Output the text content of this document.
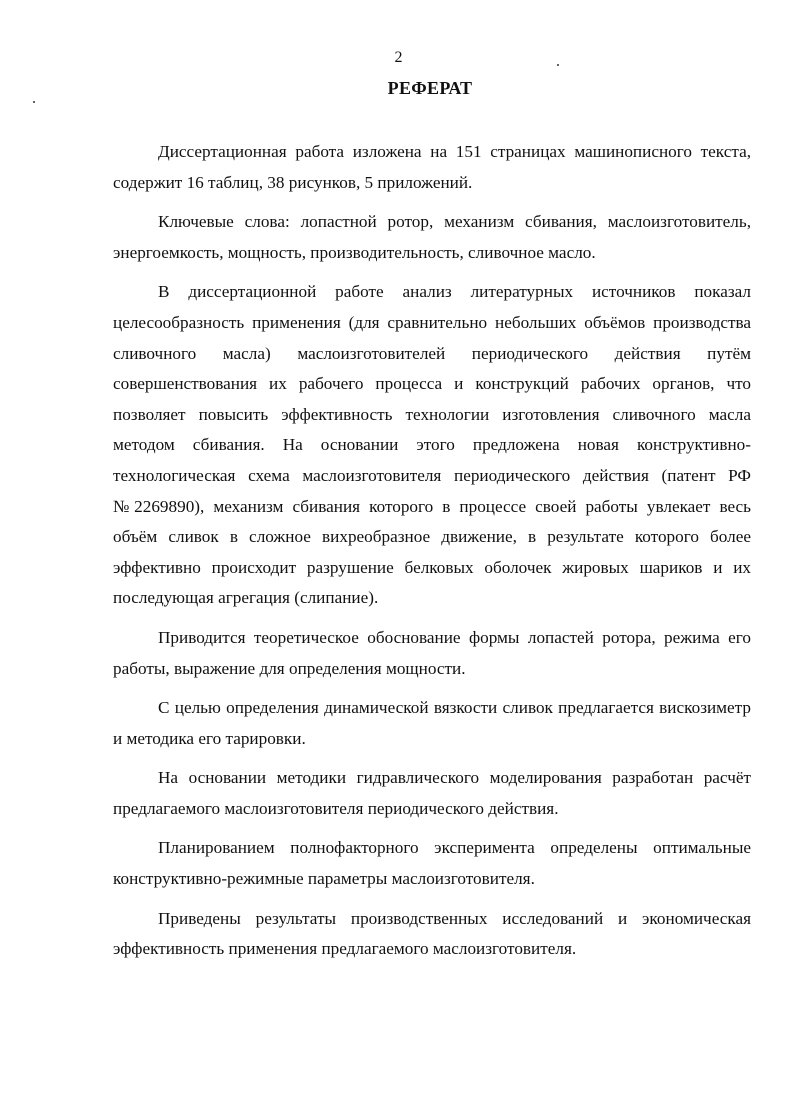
2
РЕФЕРАТ

Диссертационная работа изложена на 151 страницах машинописного текста, содержит 16 таблиц, 38 рисунков, 5 приложений.

Ключевые слова: лопастной ротор, механизм сбивания, маслоизготовитель, энергоемкость, мощность, производительность, сливочное масло.

В диссертационной работе анализ литературных источников показал целесообразность применения (для сравнительно небольших объёмов производства сливочного масла) маслоизготовителей периодического действия путём совершенствования их рабочего процесса и конструкций рабочих органов, что позволяет повысить эффективность технологии изготовления сливочного масла методом сбивания. На основании этого предложена новая конструктивно-технологическая схема маслоизготовителя периодического действия (патент РФ №2269890), механизм сбивания которого в процессе своей работы увлекает весь объём сливок в сложное вихреобразное движение, в результате которого более эффективно происходит разрушение белковых оболочек жировых шариков и их последующая агрегация (слипание).

Приводится теоретическое обоснование формы лопастей ротора, режима его работы, выражение для определения мощности.

С целью определения динамической вязкости сливок предлагается вискозиметр и методика его тарировки.

На основании методики гидравлического моделирования разработан расчёт предлагаемого маслоизготовителя периодического действия.

Планированием полнофакторного эксперимента определены оптимальные конструктивно-режимные параметры маслоизготовителя.

Приведены результаты производственных исследований и экономическая эффективность применения предлагаемого маслоизготовителя.
